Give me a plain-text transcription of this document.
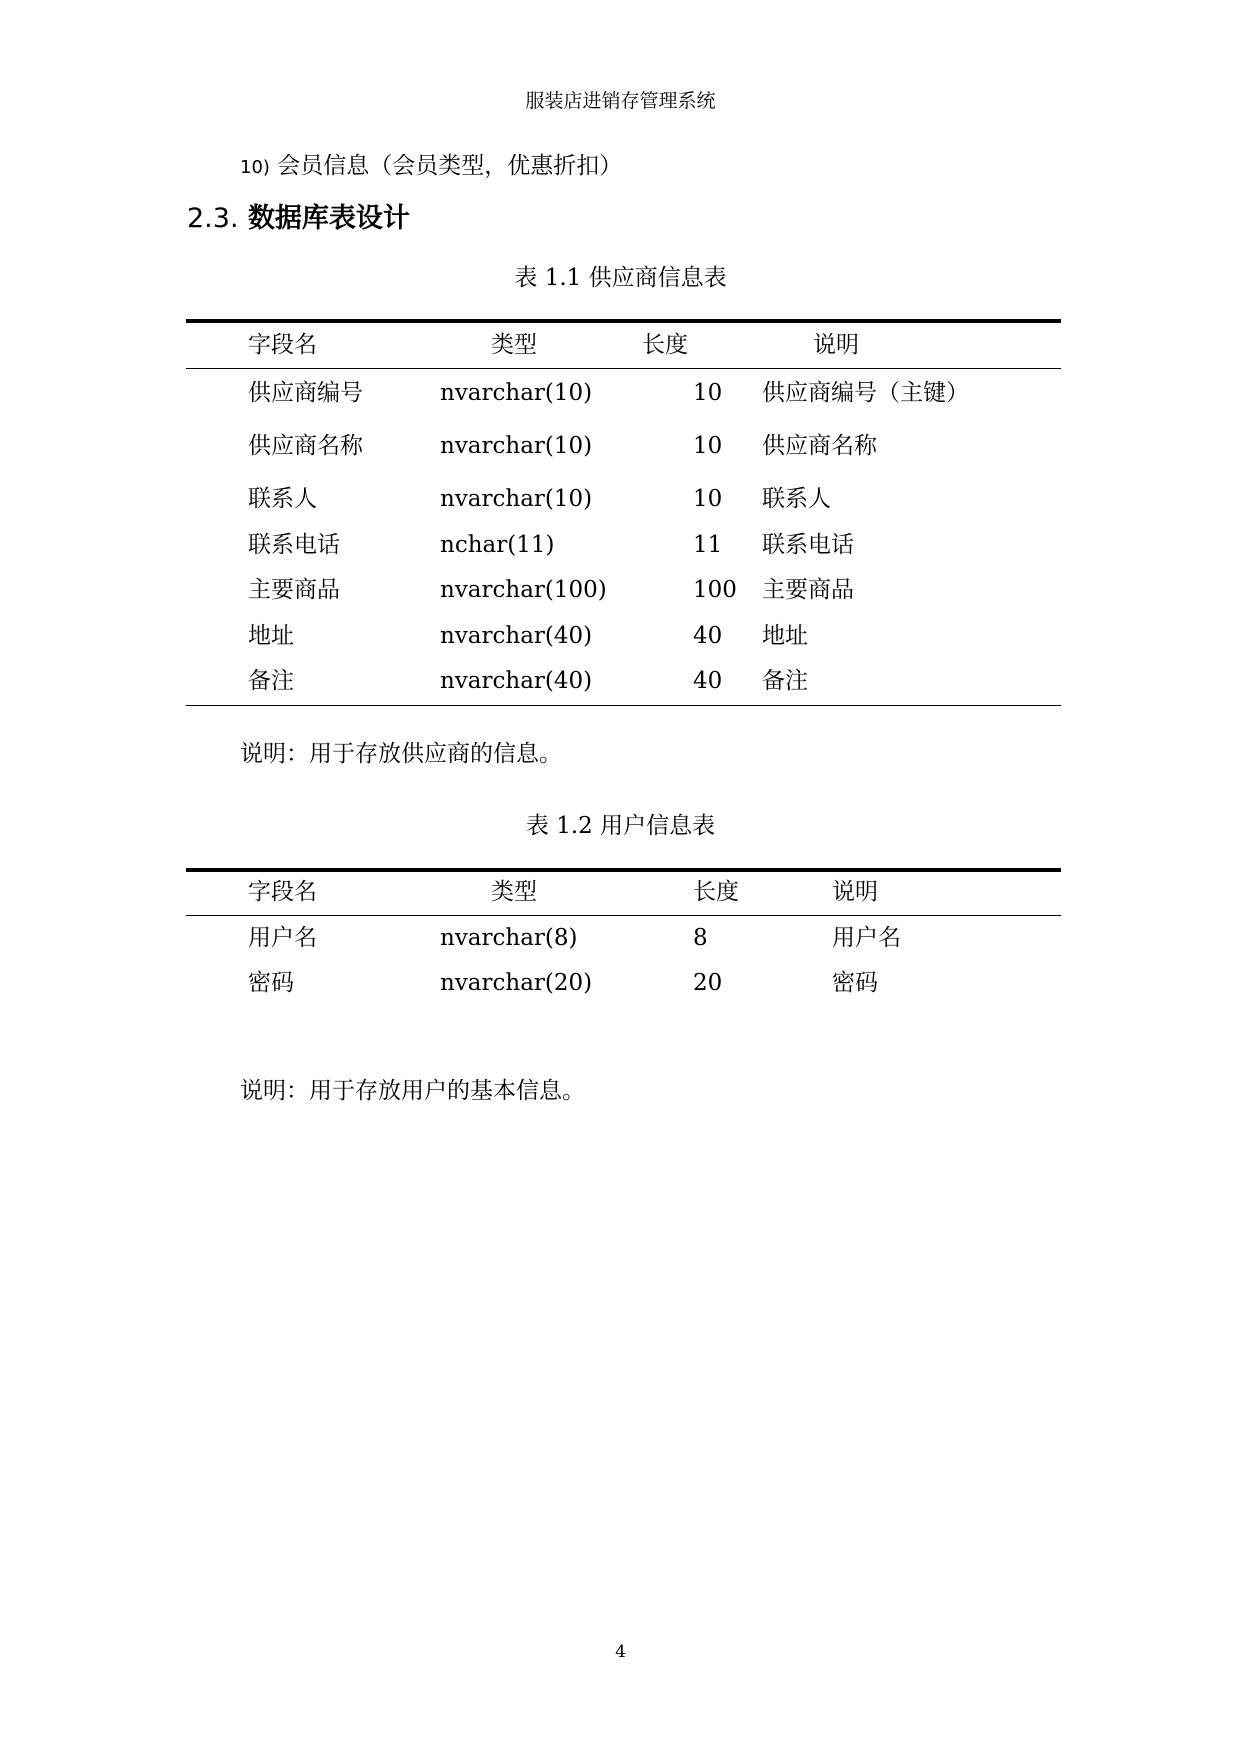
服装店进销存管理系统
10) 会员信息（会员类型，优惠折扣）
2.3. 数据库表设计
表 1.1 供应商信息表
字段名	类型	长度	说明
供应商编号	nvarchar(10)	10 供应商编号（主键）
供应商名称	nvarchar(10)	10 供应商名称
联系人	nvarchar(10)	10 联系人
联系电话	nchar(11)	11 联系电话
主要商品	nvarchar(100)	100 主要商品
地址	nvarchar(40)	40 地址
备注	nvarchar(40)	40 备注
说明：用于存放供应商的信息。
表 1.2 用户信息表
字段名	类型	长度	说明
用户名	nvarchar(8)	8	用户名
密码	nvarchar(20)	20	密码
说明：用于存放用户的基本信息。
4
